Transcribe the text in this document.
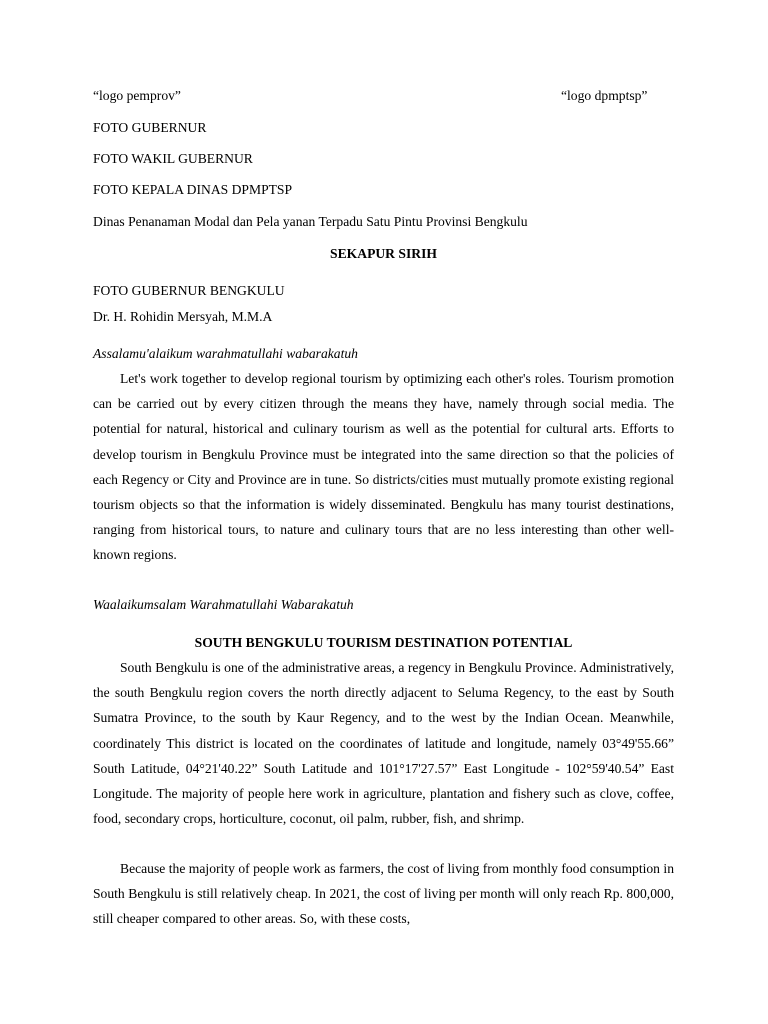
“logo pemprov”	“logo dpmptsp”
FOTO GUBERNUR
FOTO WAKIL GUBERNUR
FOTO KEPALA DINAS DPMPTSP
Dinas Penanaman Modal dan Pela yanan Terpadu Satu Pintu Provinsi Bengkulu
SEKAPUR SIRIH
FOTO GUBERNUR BENGKULU
Dr. H. Rohidin Mersyah, M.M.A
Assalamu'alaikum warahmatullahi wabarakatuh
Let's work together to develop regional tourism by optimizing each other's roles. Tourism promotion can be carried out by every citizen through the means they have, namely through social media. The potential for natural, historical and culinary tourism as well as the potential for cultural arts. Efforts to develop tourism in Bengkulu Province must be integrated into the same direction so that the policies of each Regency or City and Province are in tune. So districts/cities must mutually promote existing regional tourism objects so that the information is widely disseminated. Bengkulu has many tourist destinations, ranging from historical tours, to nature and culinary tours that are no less interesting than other well-known regions.
Waalaikumsalam Warahmatullahi Wabarakatuh
SOUTH BENGKULU TOURISM DESTINATION POTENTIAL
South Bengkulu is one of the administrative areas, a regency in Bengkulu Province. Administratively, the south Bengkulu region covers the north directly adjacent to Seluma Regency, to the east by South Sumatra Province, to the south by Kaur Regency, and to the west by the Indian Ocean. Meanwhile, coordinately This district is located on the coordinates of latitude and longitude, namely 03°49'55.66” South Latitude, 04°21'40.22” South Latitude and 101°17'27.57” East Longitude - 102°59'40.54” East Longitude. The majority of people here work in agriculture, plantation and fishery such as clove, coffee, food, secondary crops, horticulture, coconut, oil palm, rubber, fish, and shrimp.
Because the majority of people work as farmers, the cost of living from monthly food consumption in South Bengkulu is still relatively cheap. In 2021, the cost of living per month will only reach Rp. 800,000, still cheaper compared to other areas. So, with these costs,
